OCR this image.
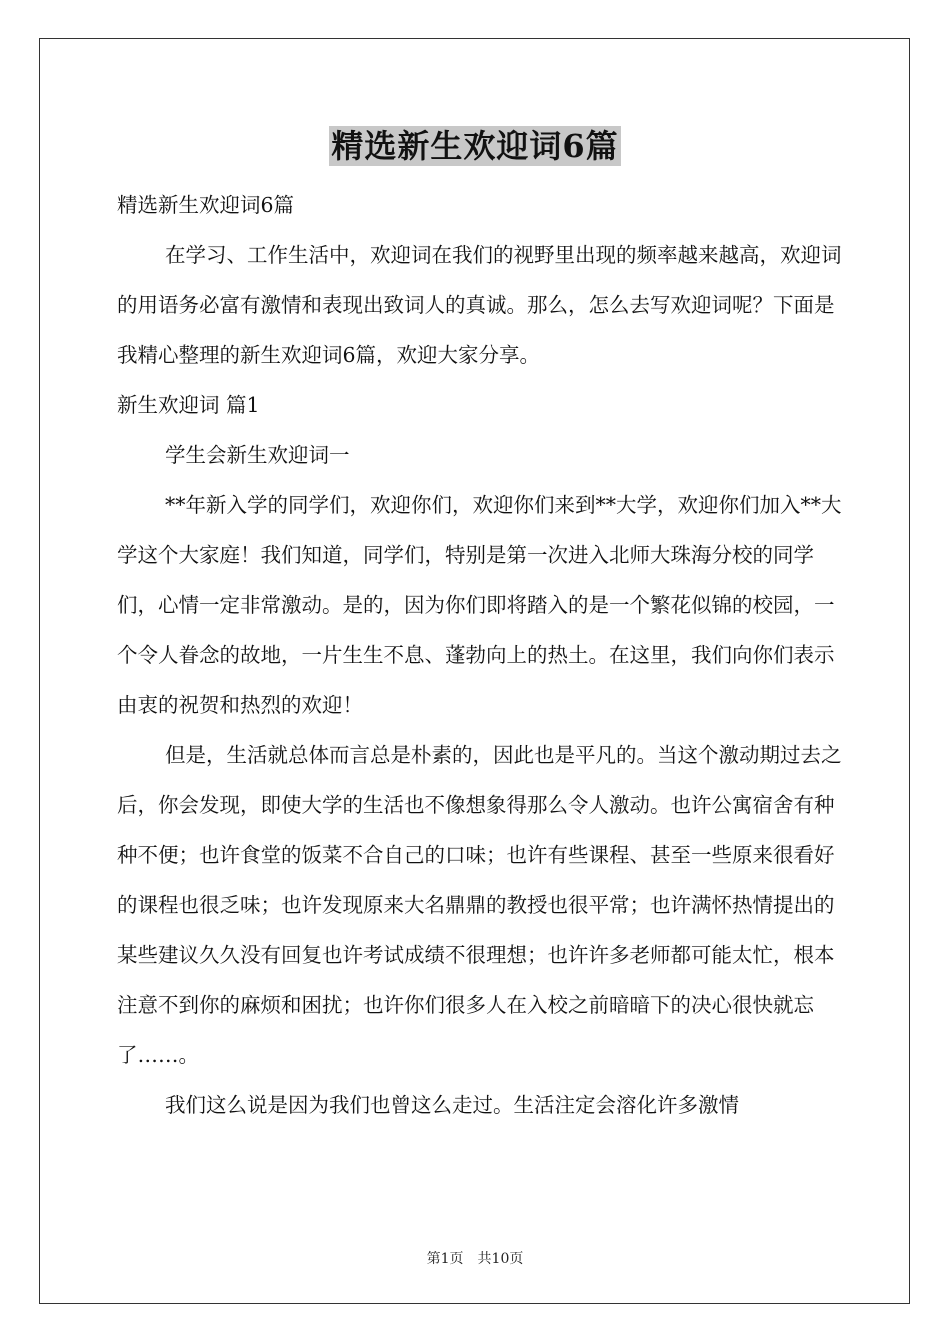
精选新生欢迎词6篇

精选新生欢迎词6篇

在学习、工作生活中，欢迎词在我们的视野里出现的频率越来越高，欢迎词的用语务必富有激情和表现出致词人的真诚。那么，怎么去写欢迎词呢？下面是我精心整理的新生欢迎词6篇，欢迎大家分享。

新生欢迎词 篇1

学生会新生欢迎词一

**年新入学的同学们，欢迎你们，欢迎你们来到**大学，欢迎你们加入**大学这个大家庭！我们知道，同学们，特别是第一次进入北师大珠海分校的同学们，心情一定非常激动。是的，因为你们即将踏入的是一个繁花似锦的校园，一个令人眷念的故地，一片生生不息、蓬勃向上的热土。在这里，我们向你们表示由衷的祝贺和热烈的欢迎！

但是，生活就总体而言总是朴素的，因此也是平凡的。当这个激动期过去之后，你会发现，即使大学的生活也不像想象得那么令人激动。也许公寓宿舍有种种不便；也许食堂的饭菜不合自己的口味；也许有些课程、甚至一些原来很看好的课程也很乏味；也许发现原来大名鼎鼎的教授也很平常；也许满怀热情提出的某些建议久久没有回复也许考试成绩不很理想；也许许多老师都可能太忙，根本注意不到你的麻烦和困扰；也许你们很多人在入校之前暗暗下的决心很快就忘了……。

我们这么说是因为我们也曾这么走过。生活注定会溶化许多激情

第1页 共10页
